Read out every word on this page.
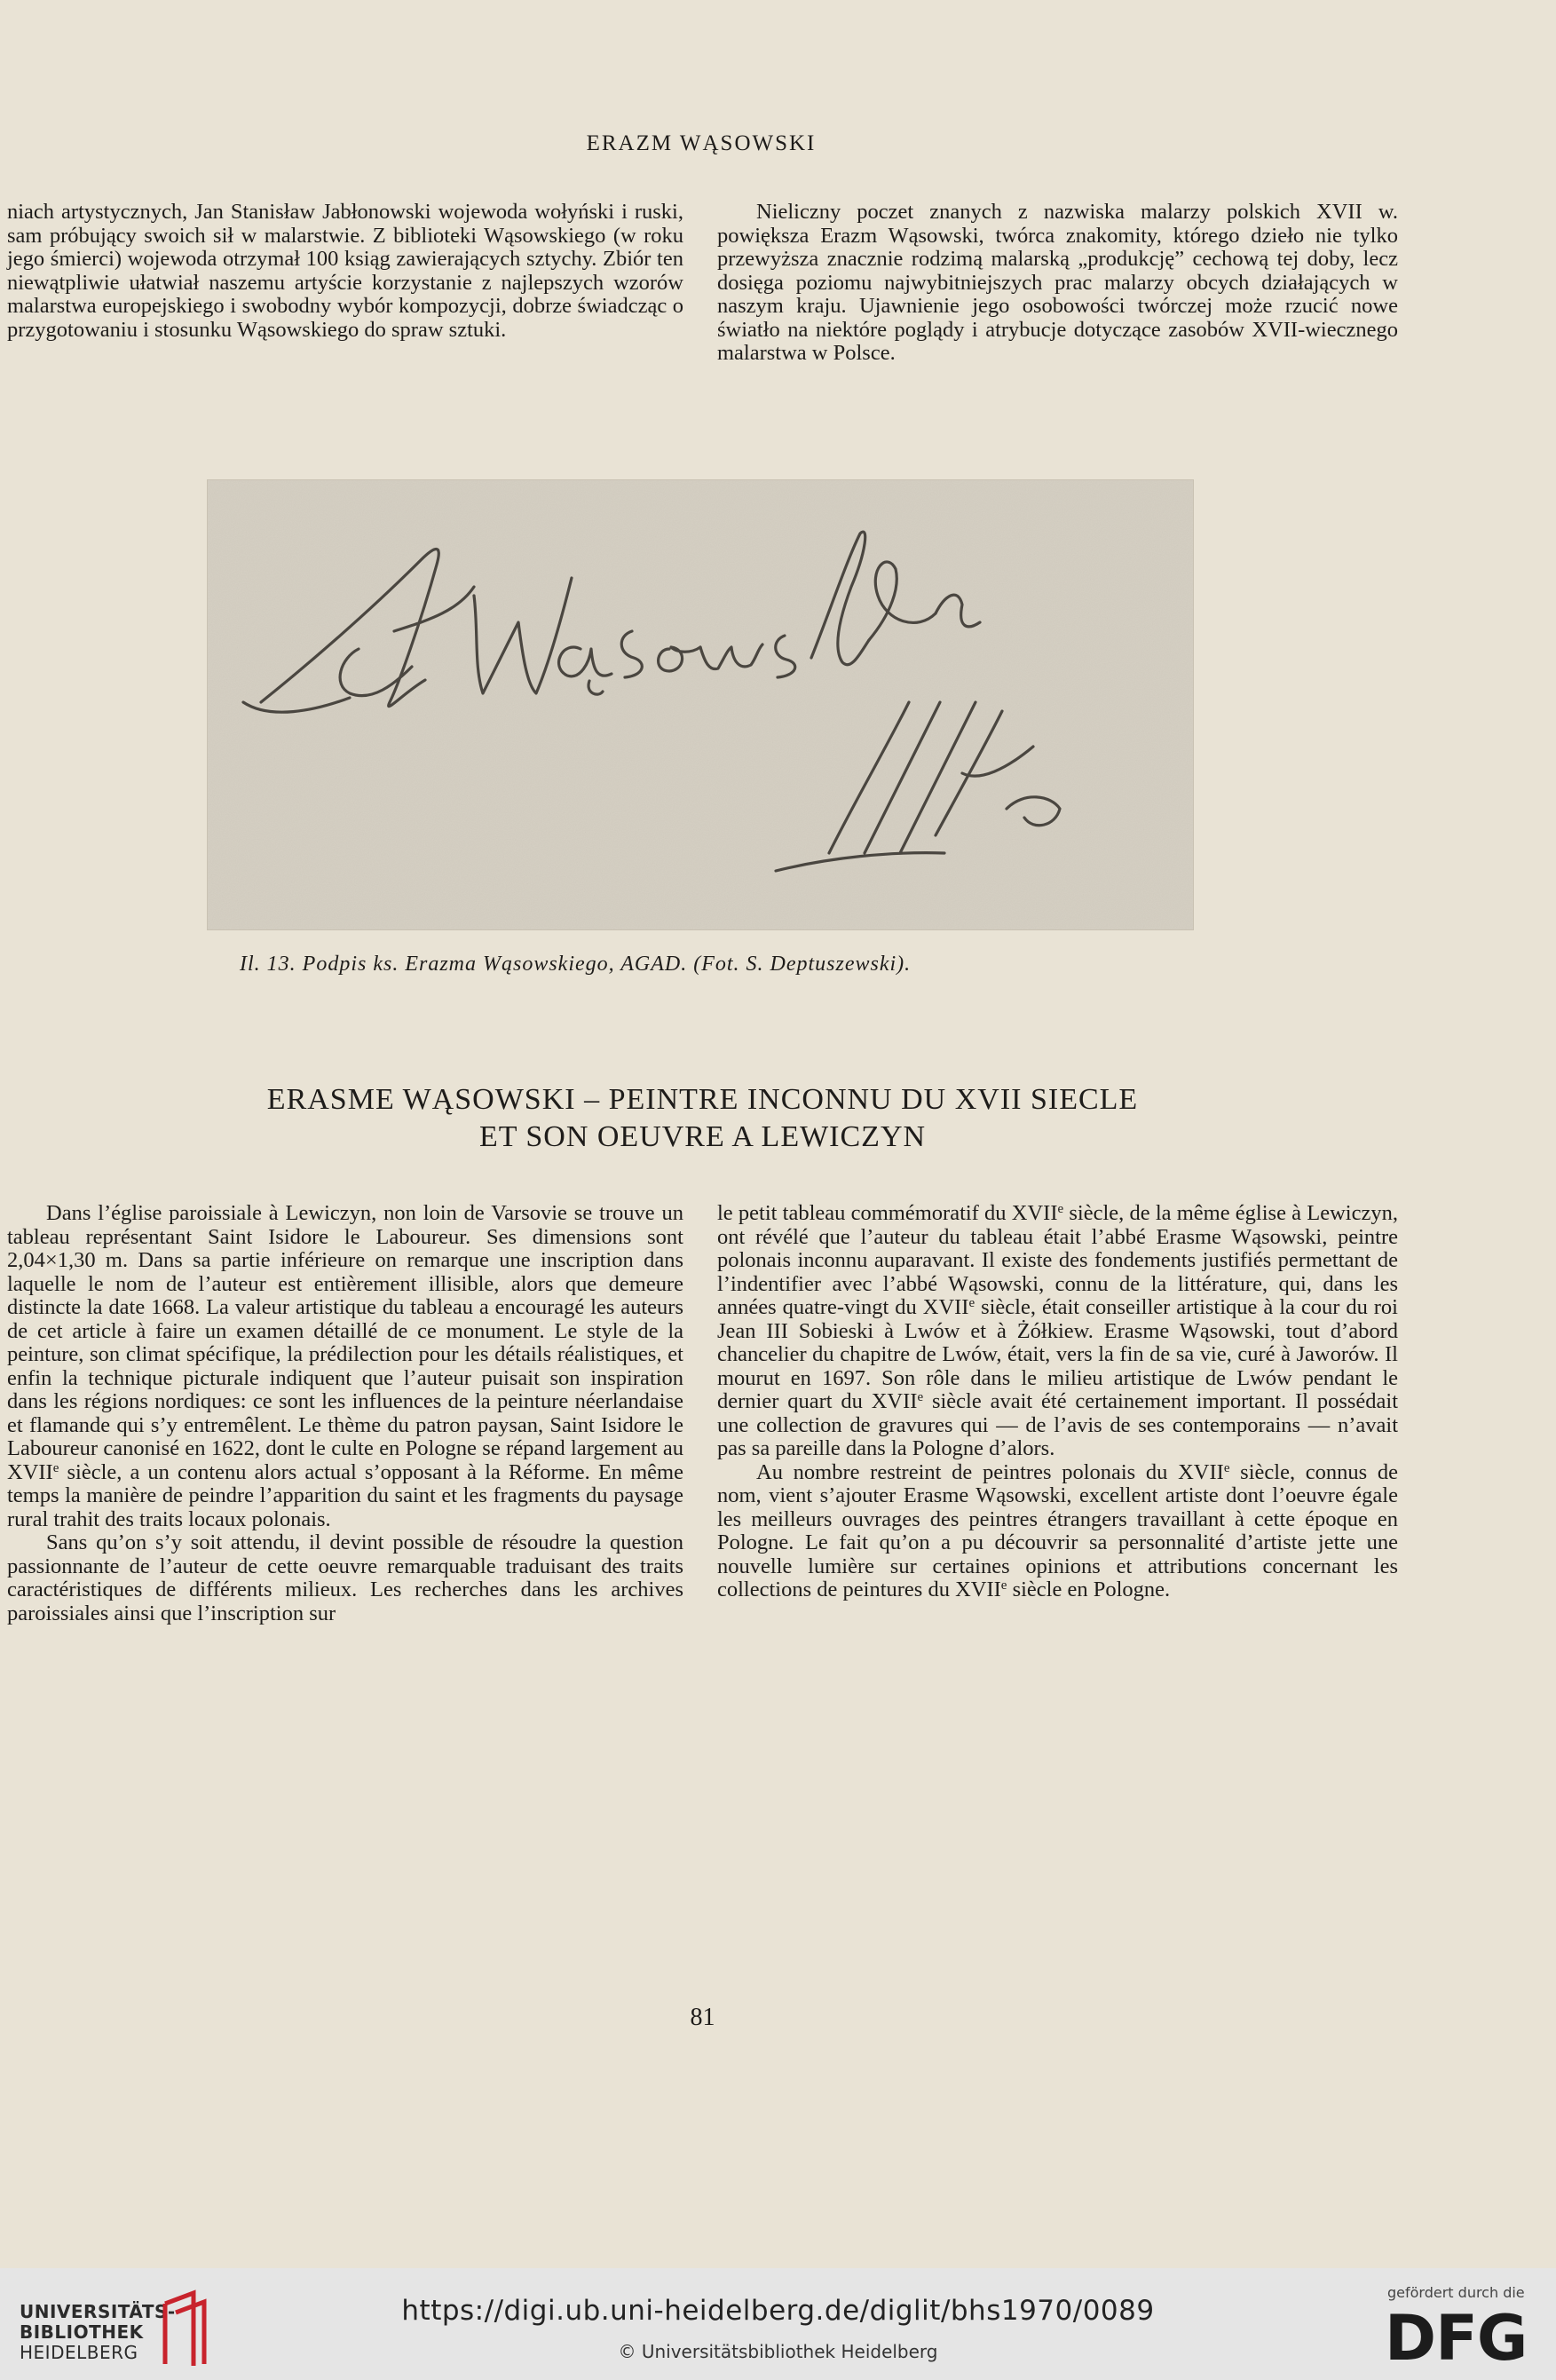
ERAZM WĄSOWSKI

niach artystycznych, Jan Stanisław Jabłonowski wojewoda wołyński i ruski, sam próbujący swoich sił w malarstwie. Z biblioteki Wąsowskiego (w roku jego śmierci) wojewoda otrzymał 100 ksiąg zawierających sztychy. Zbiór ten niewątpliwie ułatwiał naszemu artyście korzystanie z najlepszych wzorów malarstwa europejskiego i swobodny wybór kompozycji, dobrze świadcząc o przygotowaniu i stosunku Wąsowskiego do spraw sztuki.

Nieliczny poczet znanych z nazwiska malarzy polskich XVII w. powiększa Erazm Wąsowski, twórca znakomity, którego dzieło nie tylko przewyższa znacznie rodzimą malarską „produkcję” cechową tej doby, lecz dosięga poziomu najwybitniejszych prac malarzy obcych działających w naszym kraju. Ujawnienie jego osobowości twórczej może rzucić nowe światło na niektóre poglądy i atrybucje dotyczące zasobów XVII-wiecznego malarstwa w Polsce.

H Wąsowski
Il. 13. Podpis ks. Erazma Wąsowskiego, AGAD. (Fot. S. Deptuszewski).
ERASME WĄSOWSKI – PEINTRE INCONNU DU XVII SIECLE
ET SON OEUVRE A LEWICZYN

Dans l’église paroissiale à Lewiczyn, non loin de Varsovie se trouve un tableau représentant Saint Isidore le Laboureur. Ses dimensions sont 2,04×1,30 m. Dans sa partie inférieure on remarque une inscription dans laquelle le nom de l’auteur est entièrement illisible, alors que demeure distincte la date 1668. La valeur artistique du tableau a encouragé les auteurs de cet article à faire un examen détaillé de ce monument. Le style de la peinture, son climat spécifique, la prédilection pour les détails réalistiques, et enfin la technique picturale indiquent que l’auteur puisait son inspiration dans les régions nordiques: ce sont les influences de la peinture néerlandaise et flamande qui s’y entremêlent. Le thème du patron paysan, Saint Isidore le Laboureur canonisé en 1622, dont le culte en Pologne se répand largement au XVIIe siècle, a un contenu alors actual s’opposant à la Réforme. En même temps la manière de peindre l’apparition du saint et les fragments du paysage rural trahit des traits locaux polonais.

Sans qu’on s’y soit attendu, il devint possible de résoudre la question passionnante de l’auteur de cette oeuvre remarquable traduisant des traits caractéristiques de différents milieux. Les recherches dans les archives paroissiales ainsi que l’inscription sur

le petit tableau commémoratif du XVIIe siècle, de la même église à Lewiczyn, ont révélé que l’auteur du tableau était l’abbé Erasme Wąsowski, peintre polonais inconnu auparavant. Il existe des fondements justifiés permettant de l’indentifier avec l’abbé Wąsowski, connu de la littérature, qui, dans les années quatre-vingt du XVIIe siècle, était conseiller artistique à la cour du roi Jean III Sobieski à Lwów et à Żółkiew. Erasme Wąsowski, tout d’abord chancelier du chapitre de Lwów, était, vers la fin de sa vie, curé à Jaworów. Il mourut en 1697. Son rôle dans le milieu artistique de Lwów pendant le dernier quart du XVIIe siècle avait été certainement important. Il possédait une collection de gravures qui — de l’avis de ses contemporains — n’avait pas sa pareille dans la Pologne d’alors.

Au nombre restreint de peintres polonais du XVIIe siècle, connus de nom, vient s’ajouter Erasme Wąsowski, excellent artiste dont l’oeuvre égale les meilleurs ouvrages des peintres étrangers travaillant à cette époque en Pologne. Le fait qu’on a pu découvrir sa personnalité d’artiste jette une nouvelle lumière sur certaines opinions et attributions concernant les collections de peintures du XVIIe siècle en Pologne.

81
UNIVERSITÄTS-
BIBLIOTHEK
HEIDELBERG
https://digi.ub.uni-heidelberg.de/diglit/bhs1970/0089
© Universitätsbibliothek Heidelberg
gefördert durch die
DFG
